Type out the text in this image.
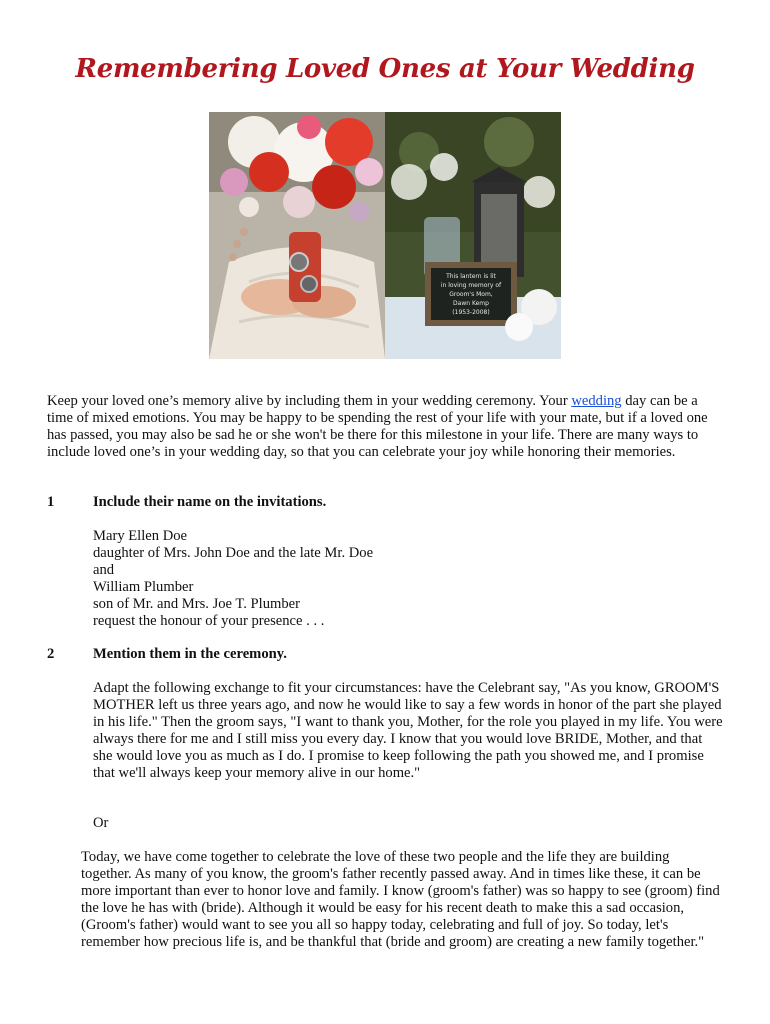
Remembering Loved Ones at Your Wedding
This lantern is lit
in loving memory of
Groom's Mom,
Dawn Kemp
(1953-2008)

Keep your loved one’s memory alive by including them in your wedding ceremony. Your wedding day can be a time of mixed emotions. You may be happy to be spending the rest of your life with your mate, but if a loved one has passed, you may also be sad he or she won't be there for this milestone in your life. There are many ways to include loved one’s in your wedding day, so that you can celebrate your joy while honoring their memories.

1	Include their name on the invitations.
Mary Ellen Doe
daughter of Mrs. John Doe and the late Mr. Doe
and
William Plumber
son of Mr. and Mrs. Joe T. Plumber
request the honour of your presence . . .
2	Mention them in the ceremony.

Adapt the following exchange to fit your circumstances: have the Celebrant say, "As you know, GROOM'S MOTHER left us three years ago, and now he would like to say a few words in honor of the part she played in his life." Then the groom says, "I want to thank you, Mother, for the role you played in my life. You were always there for me and I still miss you every day. I know that you would love BRIDE, Mother, and that she would love you as much as I do. I promise to keep following the path you showed me, and I promise that we'll always keep your memory alive in our home."

Or

Today, we have come together to celebrate the love of these two people and the life they are building together. As many of you know, the groom's father recently passed away. And in times like these, it can be more important than ever to honor love and family. I know (groom's father) was so happy to see (groom) find the love he has with (bride). Although it would be easy for his recent death to make this a sad occasion, (Groom's father) would want to see you all so happy today, celebrating and full of joy. So today, let's remember how precious life is, and be thankful that (bride and groom) are creating a new family together."
